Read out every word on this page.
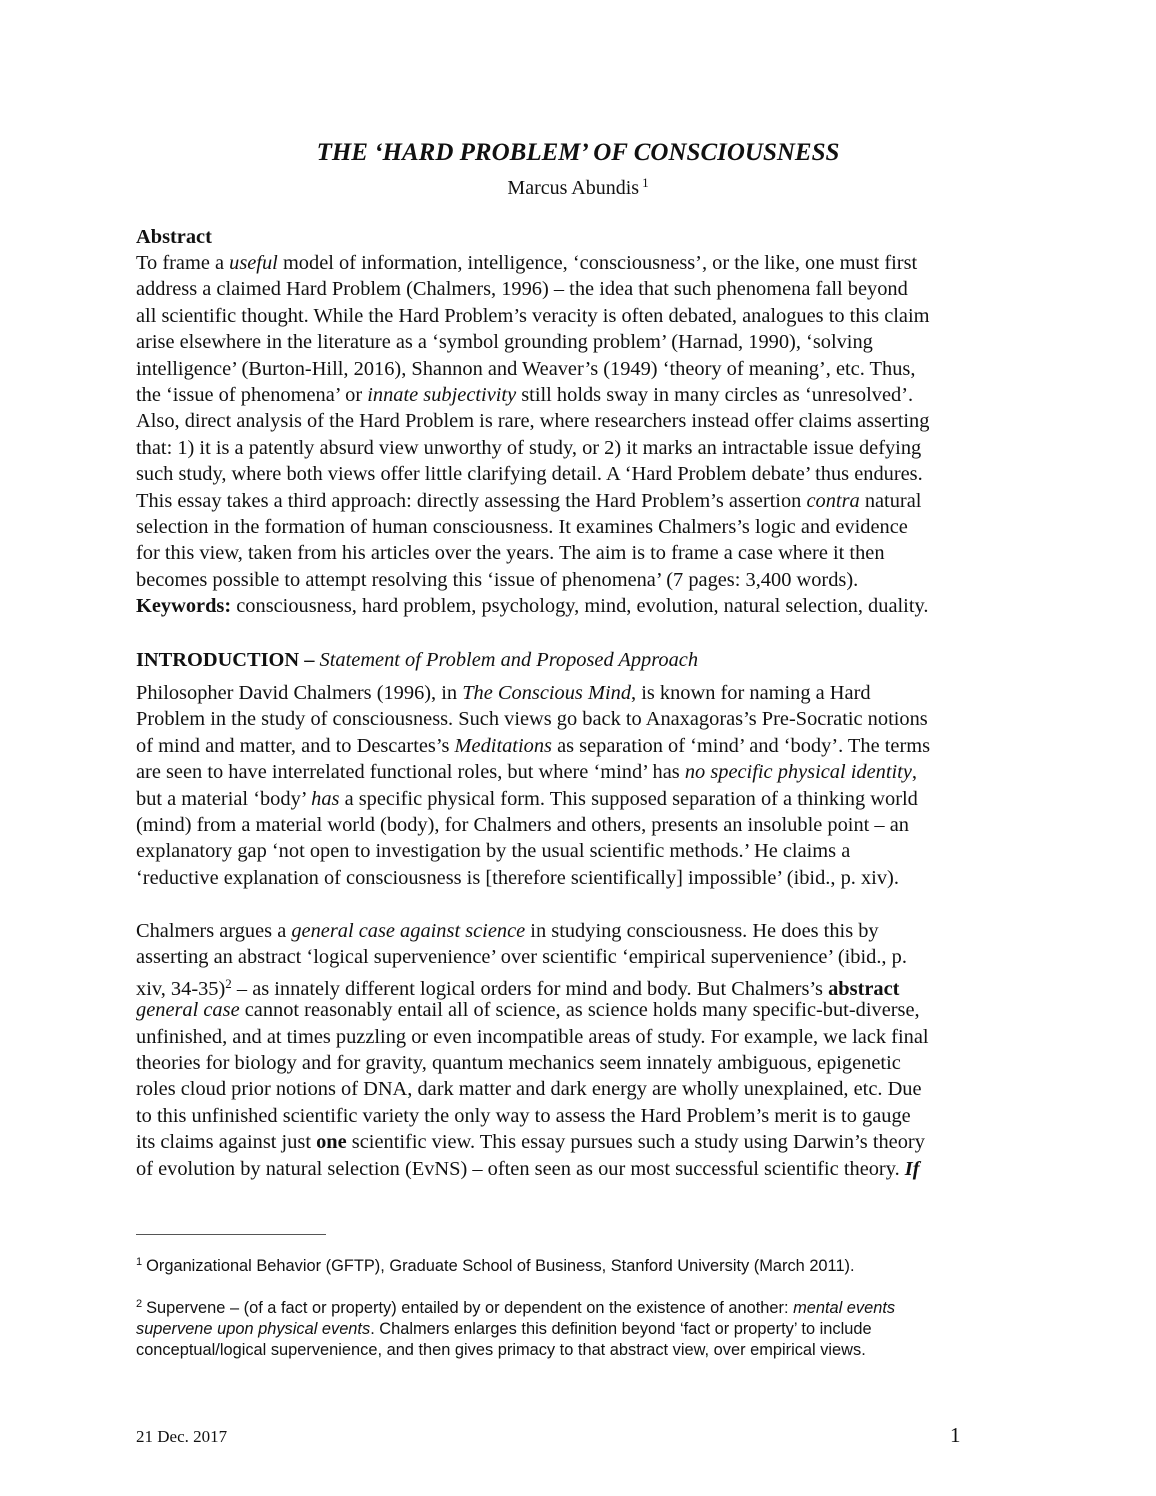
THE ‘HARD PROBLEM’ OF CONSCIOUSNESS
Marcus Abundis $^1$
Abstract
To frame a useful model of information, intelligence, ‘consciousness’, or the like, one must first
address a claimed Hard Problem (Chalmers, 1996) – the idea that such phenomena fall beyond
all scientific thought. While the Hard Problem’s veracity is often debated, analogues to this claim
arise elsewhere in the literature as a ‘symbol grounding problem’ (Harnad, 1990), ‘solving
intelligence’ (Burton-Hill, 2016), Shannon and Weaver’s (1949) ‘theory of meaning’, etc. Thus,
the ‘issue of phenomena’ or innate subjectivity still holds sway in many circles as ‘unresolved’.
Also, direct analysis of the Hard Problem is rare, where researchers instead offer claims asserting
that: 1) it is a patently absurd view unworthy of study, or 2) it marks an intractable issue defying
such study, where both views offer little clarifying detail. A ‘Hard Problem debate’ thus endures.
This essay takes a third approach: directly assessing the Hard Problem’s assertion contra natural
selection in the formation of human consciousness. It examines Chalmers’s logic and evidence
for this view, taken from his articles over the years. The aim is to frame a case where it then
becomes possible to attempt resolving this ‘issue of phenomena’ (7 pages: 3,400 words).
Keywords: consciousness, hard problem, psychology, mind, evolution, natural selection, duality.
INTRODUCTION – Statement of Problem and Proposed Approach
Philosopher David Chalmers (1996), in The Conscious Mind, is known for naming a Hard
Problem in the study of consciousness. Such views go back to Anaxagoras’s Pre-Socratic notions
of mind and matter, and to Descartes’s Meditations as separation of ‘mind’ and ‘body’. The terms
are seen to have interrelated functional roles, but where ‘mind’ has no specific physical identity,
but a material ‘body’ has a specific physical form. This supposed separation of a thinking world
(mind) from a material world (body), for Chalmers and others, presents an insoluble point – an
explanatory gap ‘not open to investigation by the usual scientific methods.’ He claims a
‘reductive explanation of consciousness is [therefore scientifically] impossible’ (ibid., p. xiv).
Chalmers argues a general case against science in studying consciousness. He does this by
asserting an abstract ‘logical supervenience’ over scientific ‘empirical supervenience’ (ibid., p.
xiv, 34-35)$^2$ – as innately different logical orders for mind and body. But Chalmers’s abstract
general case cannot reasonably entail all of science, as science holds many specific-but-diverse,
unfinished, and at times puzzling or even incompatible areas of study. For example, we lack final
theories for biology and for gravity, quantum mechanics seem innately ambiguous, epigenetic
roles cloud prior notions of DNA, dark matter and dark energy are wholly unexplained, etc. Due
to this unfinished scientific variety the only way to assess the Hard Problem’s merit is to gauge
its claims against just one scientific view. This essay pursues such a study using Darwin’s theory
of evolution by natural selection (EvNS) – often seen as our most successful scientific theory. If
$^1$ Organizational Behavior (GFTP), Graduate School of Business, Stanford University (March 2011).
$^2$ Supervene – (of a fact or property) entailed by or dependent on the existence of another: mental events
supervene upon physical events. Chalmers enlarges this definition beyond ‘fact or property’ to include
conceptual/logical supervenience, and then gives primacy to that abstract view, over empirical views.
21 Dec. 2017	1
